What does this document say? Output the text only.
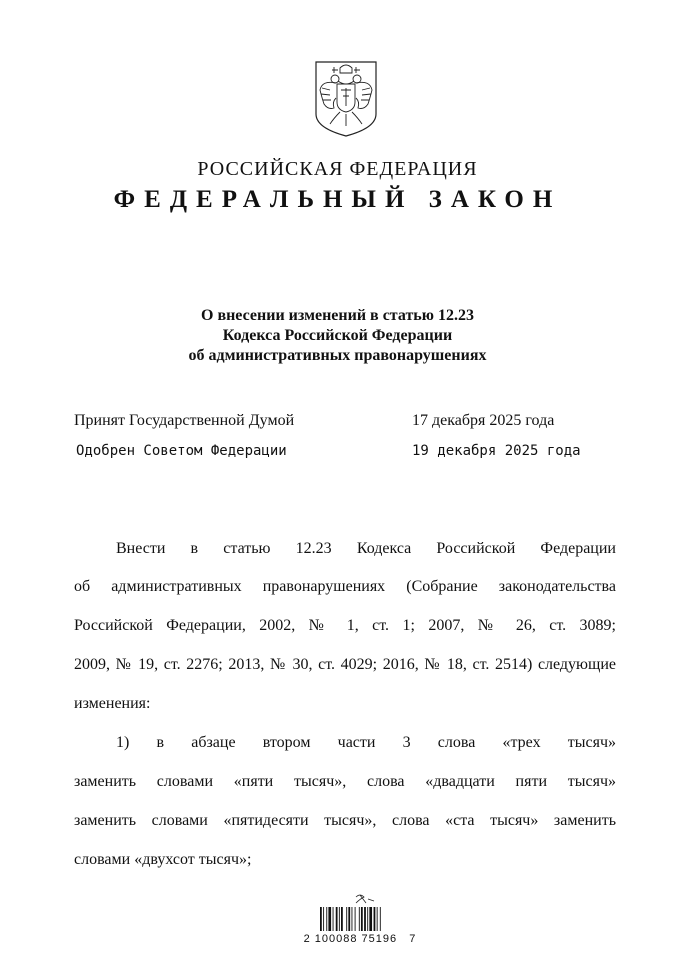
РОССИЙСКАЯ ФЕДЕРАЦИЯ
ФЕДЕРАЛЬНЫЙ ЗАКОН
О внесении изменений в статью 12.23
Кодекса Российской Федерации
об административных правонарушениях
Принят Государственной Думой	17 декабря 2025 года
Одобрен Советом Федерации	19 декабря 2025 года
Внести в статью 12.23 Кодекса Российской Федерации
об административных правонарушениях (Собрание законодательства
Российской Федерации, 2002, № 1, ст. 1; 2007, № 26, ст. 3089;
2009, № 19, ст. 2276; 2013, № 30, ст. 4029; 2016, № 18, ст. 2514) следующие
изменения:
1) в абзаце втором части 3 слова «трех тысяч»
заменить словами «пяти тысяч», слова «двадцати пяти тысяч»
заменить словами «пятидесяти тысяч», слова «ста тысяч» заменить
словами «двухсот тысяч»;
2 100088 75196   7
